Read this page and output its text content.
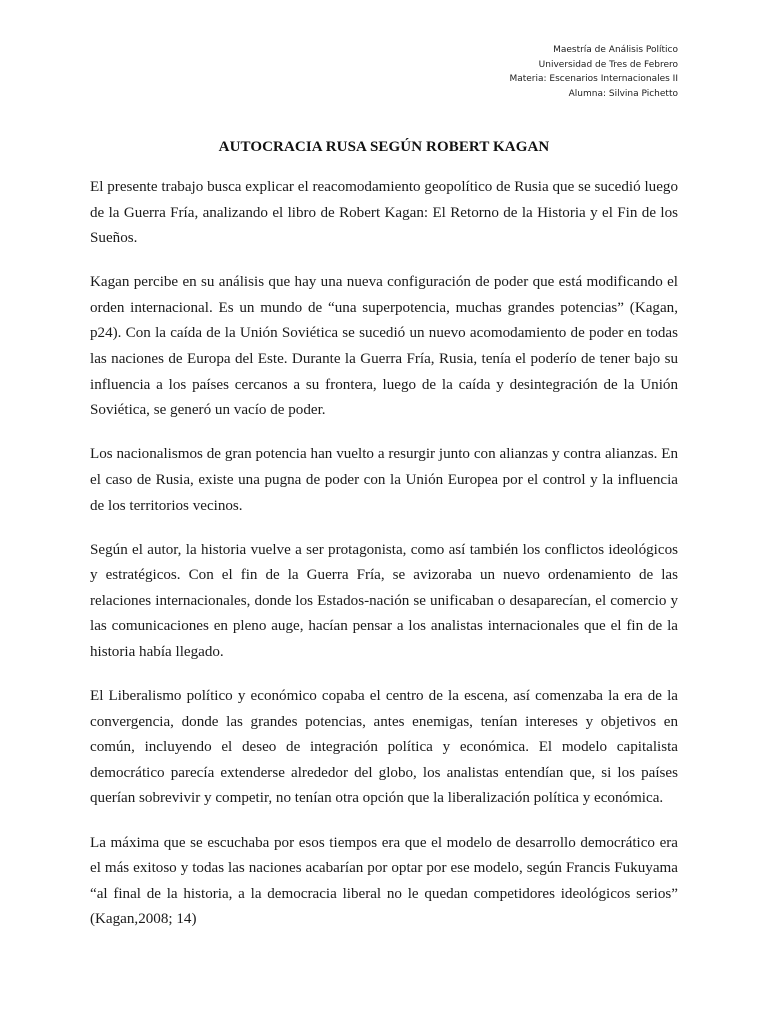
Maestría de Análisis Político
Universidad de Tres de Febrero
Materia: Escenarios Internacionales II
Alumna: Silvina Pichetto
AUTOCRACIA RUSA SEGÚN ROBERT KAGAN

El presente trabajo busca explicar el reacomodamiento geopolítico de Rusia que se sucedió luego de la Guerra Fría, analizando el libro de Robert Kagan: El Retorno de la Historia y el Fin de los Sueños.

Kagan percibe en su análisis que hay una nueva configuración de poder que está modificando el orden internacional. Es un mundo de “una superpotencia, muchas grandes potencias” (Kagan, p24). Con la caída de la Unión Soviética se sucedió un nuevo acomodamiento de poder en todas las naciones de Europa del Este. Durante la Guerra Fría, Rusia, tenía el poderío de tener bajo su influencia a los países cercanos a su frontera, luego de la caída y desintegración de la Unión Soviética, se generó un vacío de poder.

Los nacionalismos de gran potencia han vuelto a resurgir junto con alianzas y contra alianzas. En el caso de Rusia, existe una pugna de poder con la Unión Europea por el control y la influencia de los territorios vecinos.

Según el autor, la historia vuelve a ser protagonista, como así también los conflictos ideológicos y estratégicos. Con el fin de la Guerra Fría, se avizoraba un nuevo ordenamiento de las relaciones internacionales, donde los Estados-nación se unificaban o desaparecían, el comercio y las comunicaciones en pleno auge, hacían pensar a los analistas internacionales que el fin de la historia había llegado.

El Liberalismo político y económico copaba el centro de la escena, así comenzaba la era de la convergencia, donde las grandes potencias, antes enemigas, tenían intereses y objetivos en común, incluyendo el deseo de integración política y económica. El modelo capitalista democrático parecía extenderse alrededor del globo, los analistas entendían que, si los países querían sobrevivir y competir, no tenían otra opción que la liberalización política y económica.

La máxima que se escuchaba por esos tiempos era que el modelo de desarrollo democrático era el más exitoso y todas las naciones acabarían por optar por ese modelo, según Francis Fukuyama “al final de la historia, a la democracia liberal no le quedan competidores ideológicos serios” (Kagan,2008; 14)
